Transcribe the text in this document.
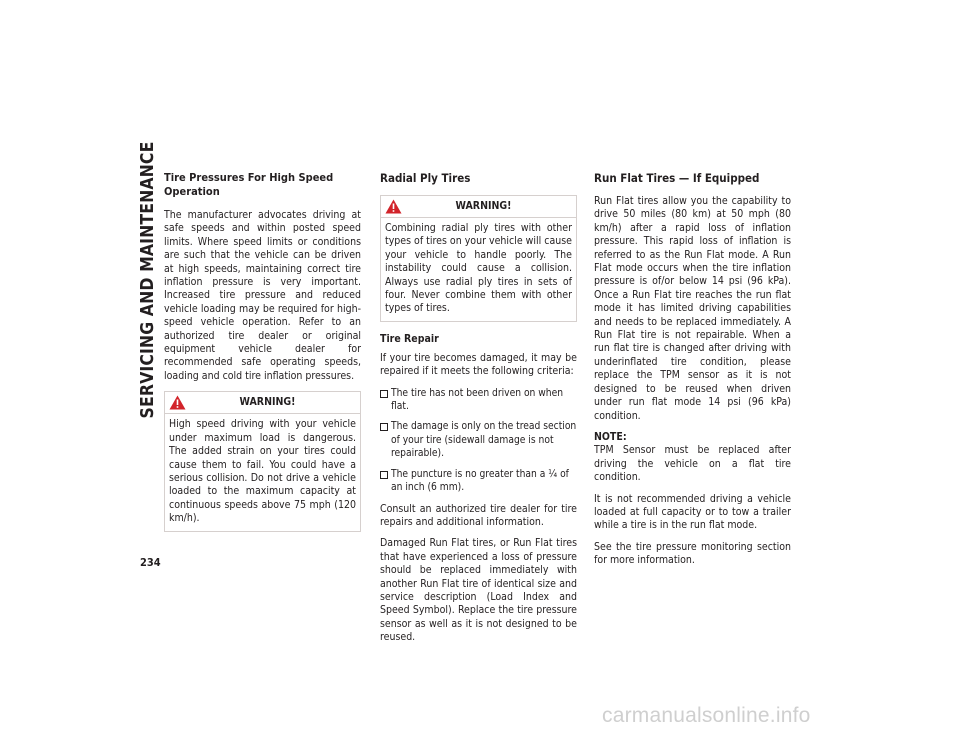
SERVICING AND MAINTENANCE Tire Pressures For High Speed Operation

The manufacturer advocates driving at safe speeds and within posted speed limits. Where speed limits or conditions are such that the vehicle can be driven at high speeds, maintaining correct tire inflation pressure is very important. Increased tire pressure and reduced vehicle loading may be required for high-speed vehicle operation. Refer to an authorized tire dealer or original equipment vehicle dealer for recommended safe operating speeds, loading and cold tire inflation pressures.

WARNING!
High speed driving with your vehicle under maximum load is dangerous. The added strain on your tires could cause them to fail. You could have a serious collision. Do not drive a vehicle loaded to the maximum capacity at continuous speeds above 75 mph (120 km/h).
Radial Ply Tires
WARNING!
Combining radial ply tires with other types of tires on your vehicle will cause your vehicle to handle poorly. The instability could cause a collision. Always use radial ply tires in sets of four. Never combine them with other types of tires.
Tire Repair

If your tire becomes damaged, it may be repaired if it meets the following criteria:

The tire has not been driven on when flat.
The damage is only on the tread section of your tire (sidewall damage is not repairable).
The puncture is no greater than a ¼ of an inch (6 mm).

Consult an authorized tire dealer for tire repairs and additional information.

Damaged Run Flat tires, or Run Flat tires that have experienced a loss of pressure should be replaced immediately with another Run Flat tire of identical size and service description (Load Index and Speed Symbol). Replace the tire pressure sensor as well as it is not designed to be reused.

Run Flat Tires — If Equipped

Run Flat tires allow you the capability to drive 50 miles (80 km) at 50 mph (80 km/h) after a rapid loss of inflation pressure. This rapid loss of inflation is referred to as the Run Flat mode. A Run Flat mode occurs when the tire inflation pressure is of/or below 14 psi (96 kPa). Once a Run Flat tire reaches the run flat mode it has limited driving capabilities and needs to be replaced immediately. A Run Flat tire is not repairable. When a run flat tire is changed after driving with underinflated tire condition, please replace the TPM sensor as it is not designed to be reused when driven under run flat mode 14 psi (96 kPa) condition.

NOTE:
TPM Sensor must be replaced after driving the vehicle on a flat tire condition.

It is not recommended driving a vehicle loaded at full capacity or to tow a trailer while a tire is in the run flat mode.

See the tire pressure monitoring section for more information.

234
carmanualsonline.info
